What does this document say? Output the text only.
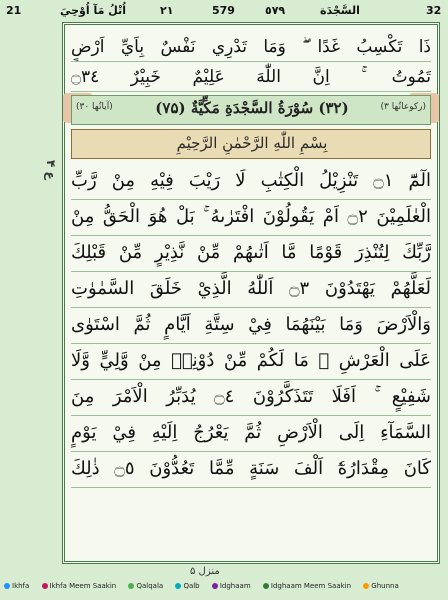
21	اُتْلُ مَآ اُوْحِيَ	٢١	579	٥٧٩	السَّجْدَة	32
ع ۴
ذَا تَكْسِبُ غَدًا ۖ وَمَا تَدْرِي نَفْسٌ بِاَيِّ اَرْضٍ
تَمُوتُ ۚ اِنَّ اللّٰهَ عَلِيْمٌ خَبِيْرٌ ۝٣٤
(آیاتُها ۳۰)	(۳۲) سُوْرَةُ السَّجْدَةِ مَكِّيَّةٌ (۷۵)	(رکوعاتُها ۳)
بِسْمِ اللّٰهِ الرَّحْمٰنِ الرَّحِيْمِ
الٓمّٓ ۝١ تَنْزِيْلُ الْكِتٰبِ لَا رَيْبَ فِيْهِ مِنْ رَّبِّ
الْعٰلَمِيْنَ ۝٢ اَمْ يَقُولُوْنَ افْتَرٰىهُ ۚ بَلْ هُوَ الْحَقُّ مِنْ
رَّبِّكَ لِتُنْذِرَ قَوْمًا مَّا اَتٰىهُمْ مِّنْ نَّذِيْرٍ مِّنْ قَبْلِكَ
لَعَلَّهُمْ يَهْتَدُوْنَ ۝٣ اَللّٰهُ الَّذِيْ خَلَقَ السَّمٰوٰتِ
وَالْاَرْضَ وَمَا بَيْنَهُمَا فِيْ سِتَّةِ اَيَّامٍ ثُمَّ اسْتَوٰى
عَلَى الْعَرْشِ ۚ مَا لَكُمْ مِّنْ دُوْنِهٖ مِنْ وَّلِيٍّ وَّلَا
شَفِيْعٍ ۚ اَفَلَا تَتَذَكَّرُوْنَ ۝٤ يُدَبِّرُ الْاَمْرَ مِنَ
السَّمَآءِ اِلَى الْاَرْضِ ثُمَّ يَعْرُجُ اِلَيْهِ فِيْ يَوْمٍ
كَانَ مِقْدَارُهٗٓ اَلْفَ سَنَةٍ مِّمَّا تَعُدُّوْنَ ۝٥ ذٰلِكَ
منزل ۵
Ikhfa	Ikhfa Meem Saakin	Qalqala	Qalb	Idghaam	Idghaam Meem Saakin	Ghunna
